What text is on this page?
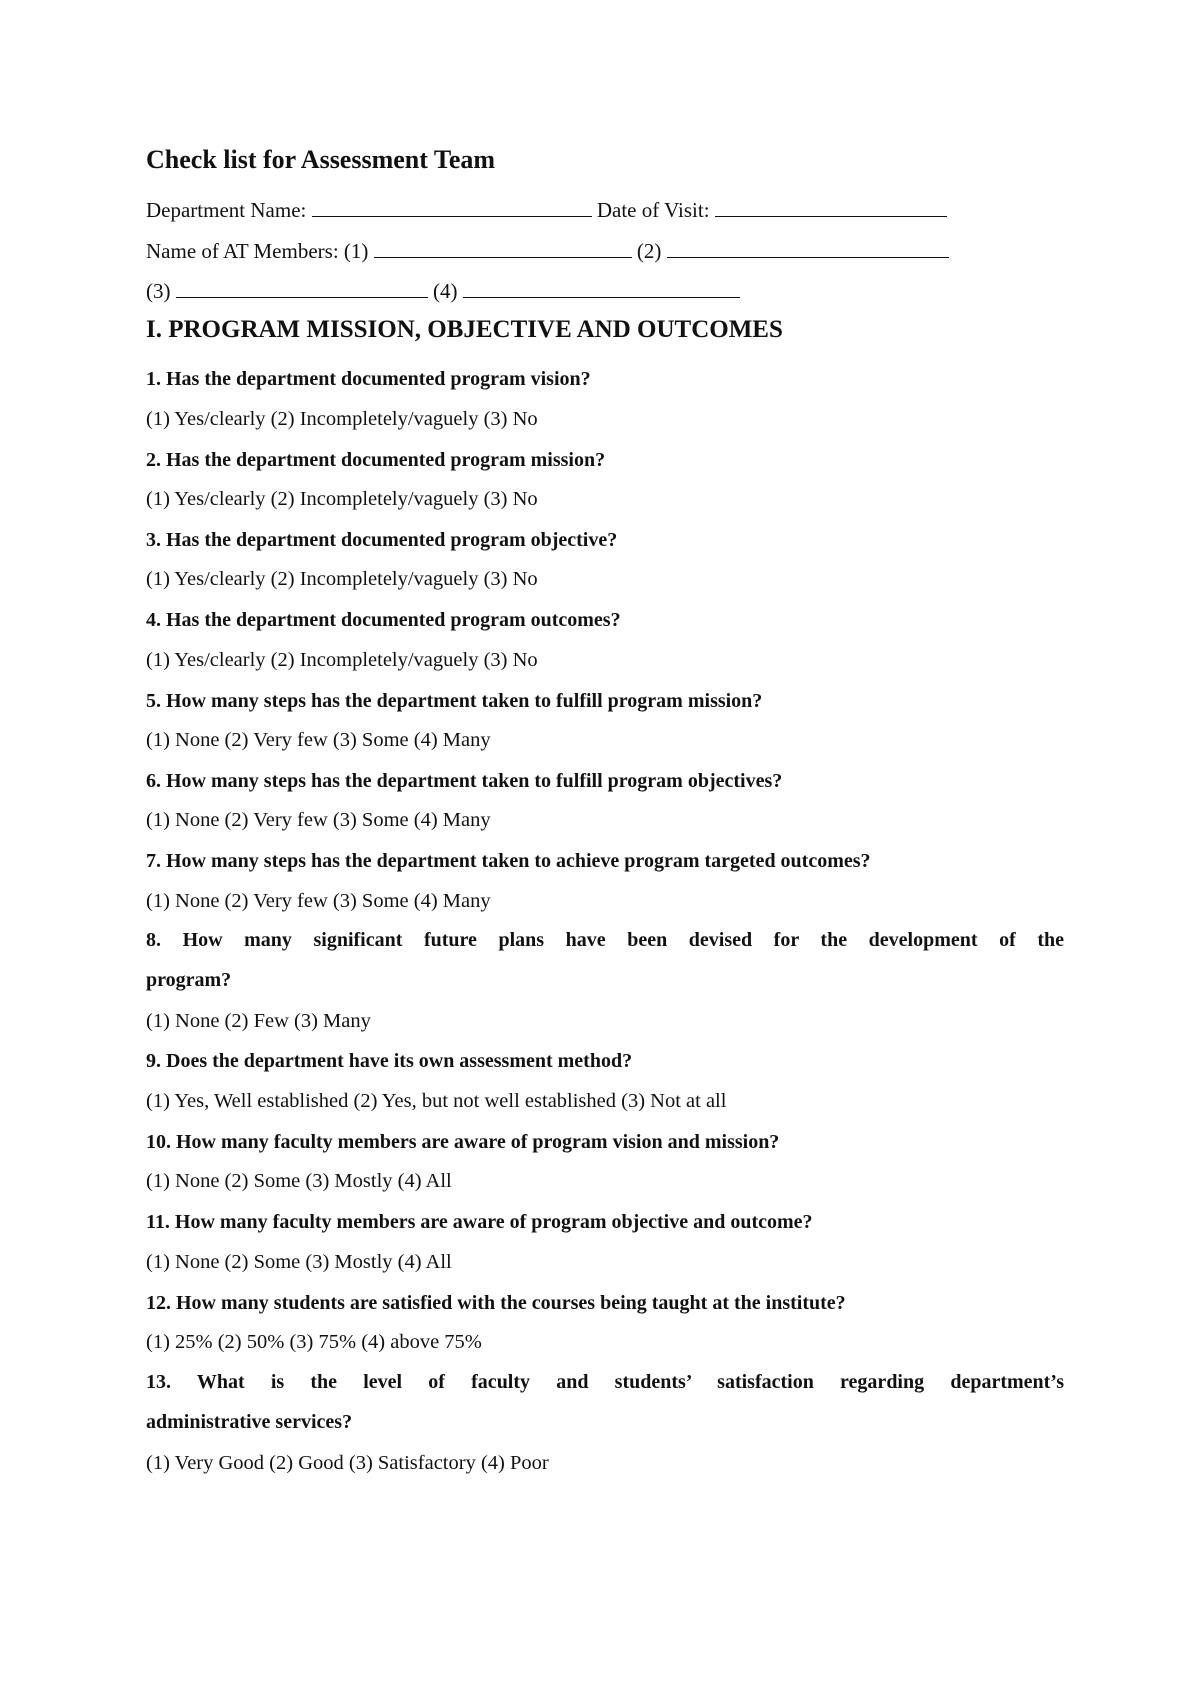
Check list for Assessment Team
Department Name:	Date of Visit:
Name of AT Members: (1)	(2)
(3)	(4)
I. PROGRAM MISSION, OBJECTIVE AND OUTCOMES
1. Has the department documented program vision?
(1) Yes/clearly (2) Incompletely/vaguely (3) No
2. Has the department documented program mission?
(1) Yes/clearly (2) Incompletely/vaguely (3) No
3. Has the department documented program objective?
(1) Yes/clearly (2) Incompletely/vaguely (3) No
4. Has the department documented program outcomes?
(1) Yes/clearly (2) Incompletely/vaguely (3) No
5. How many steps has the department taken to fulfill program mission?
(1) None (2) Very few (3) Some (4) Many
6. How many steps has the department taken to fulfill program objectives?
(1) None (2) Very few (3) Some (4) Many
7. How many steps has the department taken to achieve program targeted outcomes?
(1) None (2) Very few (3) Some (4) Many
8. How many significant future plans have been devised for the development of the
program?
(1) None (2) Few (3) Many
9. Does the department have its own assessment method?
(1) Yes, Well established (2) Yes, but not well established (3) Not at all
10. How many faculty members are aware of program vision and mission?
(1) None (2) Some (3) Mostly (4) All
11. How many faculty members are aware of program objective and outcome?
(1) None (2) Some (3) Mostly (4) All
12. How many students are satisfied with the courses being taught at the institute?
(1) 25% (2) 50% (3) 75% (4) above 75%
13. What is the level of faculty and students’ satisfaction regarding department’s
administrative services?
(1) Very Good (2) Good (3) Satisfactory (4) Poor
